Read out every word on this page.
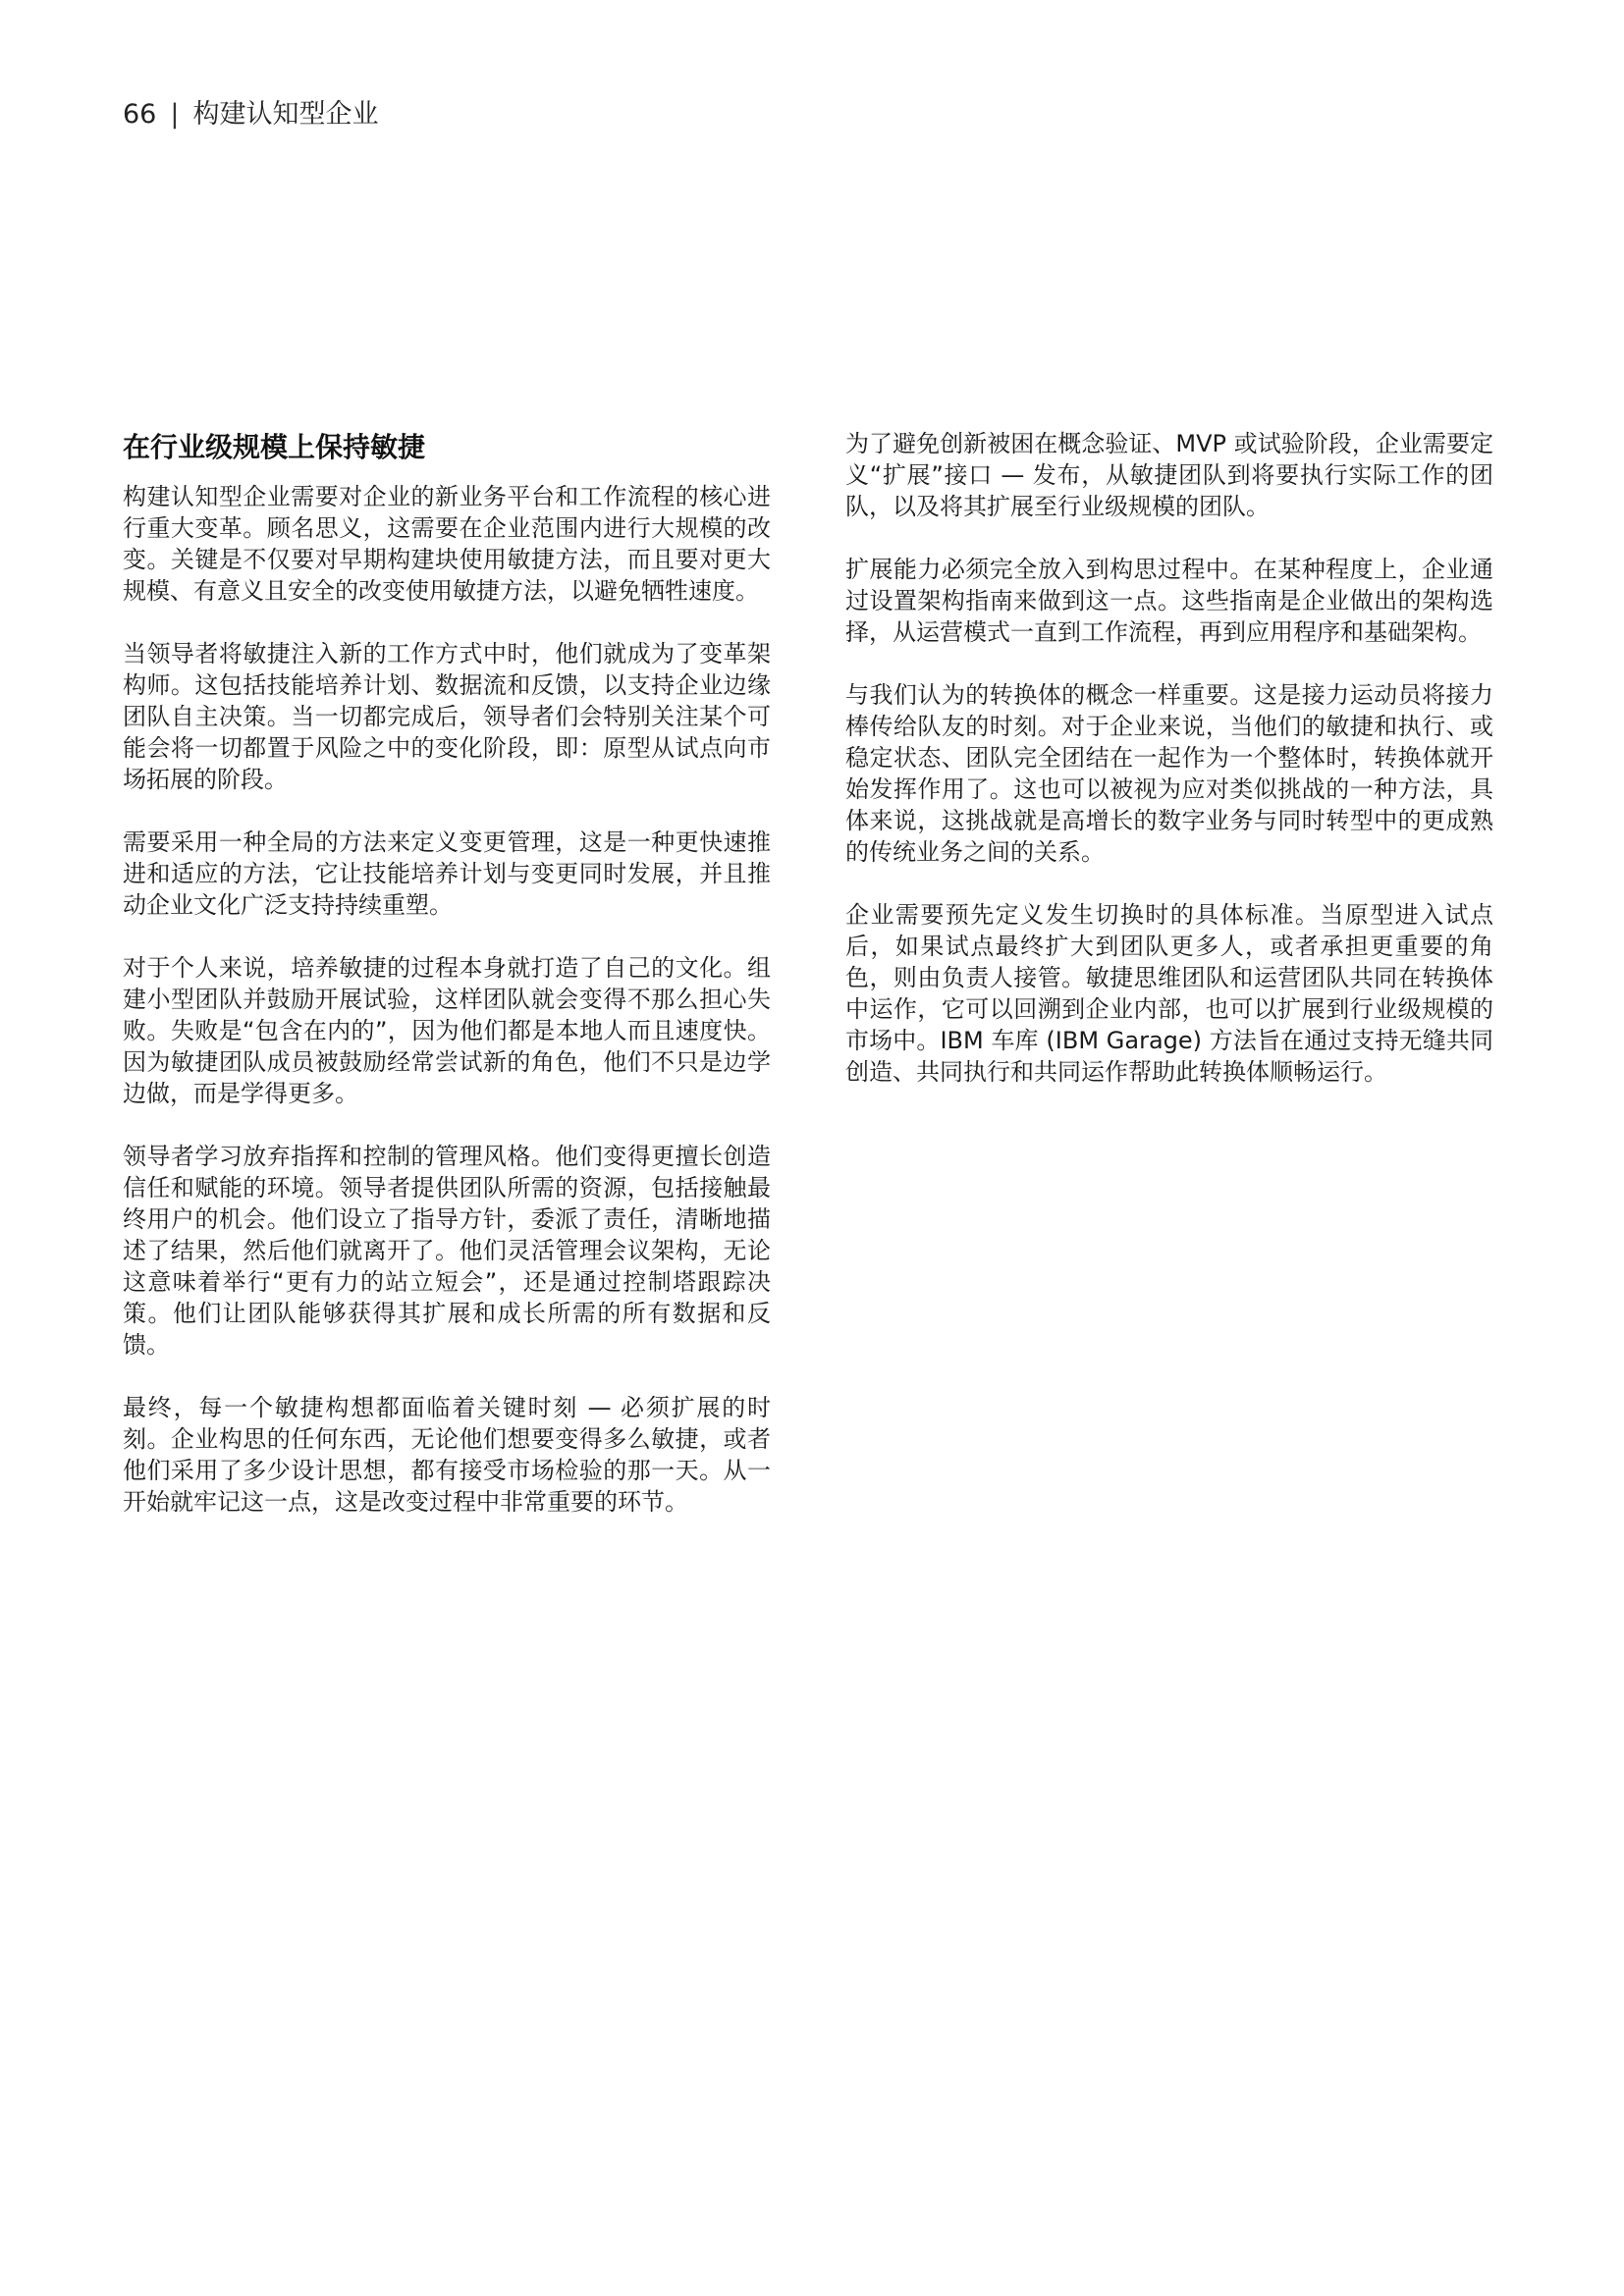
66 | 构建认知型企业
在行业级规模上保持敏捷

构建认知型企业需要对企业的新业务平台和工作流程的核心进行重大变革。顾名思义，这需要在企业范围内进行大规模的改变。关键是不仅要对早期构建块使用敏捷方法，而且要对更大规模、有意义且安全的改变使用敏捷方法，以避免牺牲速度。

当领导者将敏捷注入新的工作方式中时，他们就成为了变革架构师。这包括技能培养计划、数据流和反馈，以支持企业边缘团队自主决策。当一切都完成后，领导者们会特别关注某个可能会将一切都置于风险之中的变化阶段，即：原型从试点向市场拓展的阶段。

需要采用一种全局的方法来定义变更管理，这是一种更快速推进和适应的方法，它让技能培养计划与变更同时发展，并且推动企业文化广泛支持持续重塑。

对于个人来说，培养敏捷的过程本身就打造了自己的文化。组建小型团队并鼓励开展试验，这样团队就会变得不那么担心失败。失败是“包含在内的”，因为他们都是本地人而且速度快。因为敏捷团队成员被鼓励经常尝试新的角色，他们不只是边学边做，而是学得更多。

领导者学习放弃指挥和控制的管理风格。他们变得更擅长创造信任和赋能的环境。领导者提供团队所需的资源，包括接触最终用户的机会。他们设立了指导方针，委派了责任，清晰地描述了结果，然后他们就离开了。他们灵活管理会议架构，无论这意味着举行“更有力的站立短会”，还是通过控制塔跟踪决策。他们让团队能够获得其扩展和成长所需的所有数据和反馈。

最终，每一个敏捷构想都面临着关键时刻 — 必须扩展的时刻。企业构思的任何东西，无论他们想要变得多么敏捷，或者他们采用了多少设计思想，都有接受市场检验的那一天。从一开始就牢记这一点，这是改变过程中非常重要的环节。

为了避免创新被困在概念验证、MVP 或试验阶段，企业需要定义“扩展”接口 — 发布，从敏捷团队到将要执行实际工作的团队，以及将其扩展至行业级规模的团队。

扩展能力必须完全放入到构思过程中。在某种程度上，企业通过设置架构指南来做到这一点。这些指南是企业做出的架构选择，从运营模式一直到工作流程，再到应用程序和基础架构。

与我们认为的转换体的概念一样重要。这是接力运动员将接力棒传给队友的时刻。对于企业来说，当他们的敏捷和执行、或稳定状态、团队完全团结在一起作为一个整体时，转换体就开始发挥作用了。这也可以被视为应对类似挑战的一种方法，具体来说，这挑战就是高增长的数字业务与同时转型中的更成熟的传统业务之间的关系。

企业需要预先定义发生切换时的具体标准。当原型进入试点后，如果试点最终扩大到团队更多人，或者承担更重要的角色，则由负责人接管。敏捷思维团队和运营团队共同在转换体中运作，它可以回溯到企业内部，也可以扩展到行业级规模的市场中。IBM 车库 (IBM Garage) 方法旨在通过支持无缝共同创造、共同执行和共同运作帮助此转换体顺畅运行。
